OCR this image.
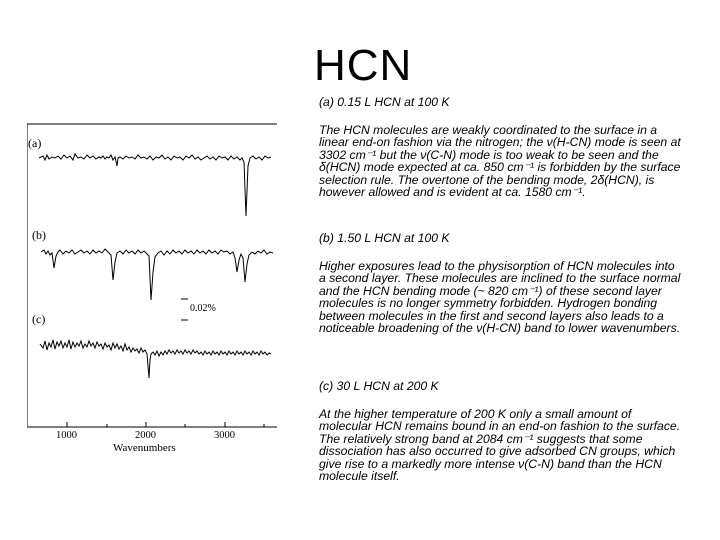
HCN

(a) 0.15 L HCN at 100 K

The HCN molecules are weakly coordinated to the surface in a linear end-on fashion via the nitrogen; the ν(H-CN) mode is seen at 3302 cm⁻¹ but the ν(C-N) mode is too weak to be seen and the δ(HCN) mode expected at ca. 850 cm⁻¹ is forbidden by the surface selection rule. The overtone of the bending mode, 2δ(HCN), is however allowed and is evident at ca. 1580 cm⁻¹.

(b) 1.50 L HCN at 100 K

Higher exposures lead to the physisorption of HCN molecules into a second layer. These molecules are inclined to the surface normal and the HCN bending mode (~ 820 cm⁻¹) of these second layer molecules is no longer symmetry forbidden. Hydrogen bonding between molecules in the first and second layers also leads to a noticeable broadening of the ν(H-CN) band to lower wavenumbers.

(c) 30 L HCN at 200 K

At the higher temperature of 200 K only a small amount of molecular HCN remains bound in an end-on fashion to the surface. The relatively strong band at 2084 cm⁻¹ suggests that some dissociation has also occurred to give adsorbed CN groups, which give rise to a markedly more intense ν(C-N) band than the HCN molecule itself.

(a)
(b)
(c)
0.02%
1000	2000	3000
Wavenumbers
